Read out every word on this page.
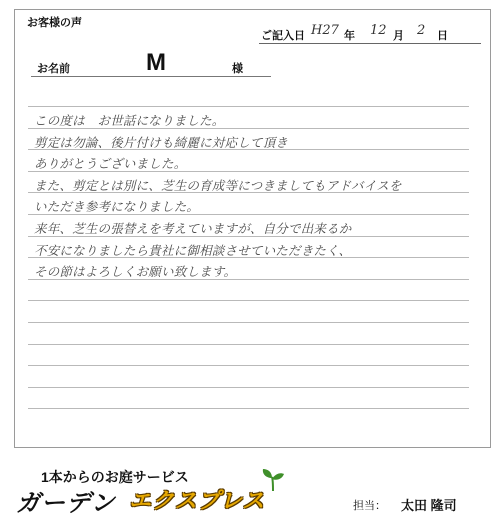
お客様の声
ご記入日 H27 年 12 月 2 日
お名前	M	様
この度は　お世話になりました。
剪定は勿論、後片付けも綺麗に対応して頂き
ありがとうございました。
また、剪定とは別に、芝生の育成等につきましてもアドバイスを
いただき参考になりました。
来年、芝生の張替えを考えていますが、自分で出来るか
不安になりましたら貴社に御相談させていただきたく、
その節はよろしくお願い致します。
1本からのお庭サービス
ガーデン エクスプレス	担当： 太田 隆司
